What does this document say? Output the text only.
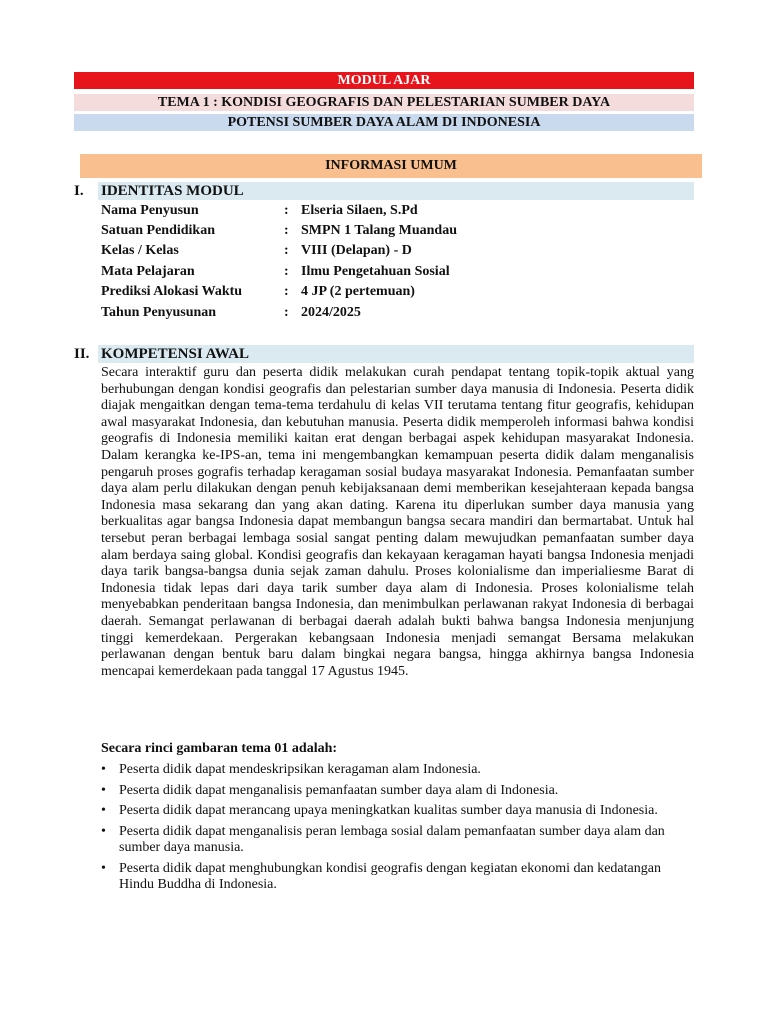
MODUL AJAR
TEMA 1 : KONDISI GEOGRAFIS DAN PELESTARIAN SUMBER DAYA
POTENSI SUMBER DAYA ALAM DI INDONESIA
INFORMASI UMUM
I. IDENTITAS MODUL
Nama Penyusun	: Elseria Silaen, S.Pd
Satuan Pendidikan	: SMPN 1 Talang Muandau
Kelas / Kelas	: VIII (Delapan) - D
Mata Pelajaran	: Ilmu Pengetahuan Sosial
Prediksi Alokasi Waktu	: 4 JP (2 pertemuan)
Tahun Penyusunan	: 2024/2025
II. KOMPETENSI AWAL

Secara interaktif guru dan peserta didik melakukan curah pendapat tentang topik-topik aktual yang berhubungan dengan kondisi geografis dan pelestarian sumber daya manusia di Indonesia. Peserta didik diajak mengaitkan dengan tema-tema terdahulu di kelas VII terutama tentang fitur geografis, kehidupan awal masyarakat Indonesia, dan kebutuhan manusia. Peserta didik memperoleh informasi bahwa kondisi geografis di Indonesia memiliki kaitan erat dengan berbagai aspek kehidupan masyarakat Indonesia. Dalam kerangka ke-IPS-an, tema ini mengembangkan kemampuan peserta didik dalam menganalisis pengaruh proses gografis terhadap keragaman sosial budaya masyarakat Indonesia. Pemanfaatan sumber daya alam perlu dilakukan dengan penuh kebijaksanaan demi memberikan kesejahteraan kepada bangsa Indonesia masa sekarang dan yang akan dating. Karena itu diperlukan sumber daya manusia yang berkualitas agar bangsa Indonesia dapat membangun bangsa secara mandiri dan bermartabat. Untuk hal tersebut peran berbagai lembaga sosial sangat penting dalam mewujudkan pemanfaatan sumber daya alam berdaya saing global. Kondisi geografis dan kekayaan keragaman hayati bangsa Indonesia menjadi daya tarik bangsa-bangsa dunia sejak zaman dahulu. Proses kolonialisme dan imperialiesme Barat di Indonesia tidak lepas dari daya tarik sumber daya alam di Indonesia. Proses kolonialisme telah menyebabkan penderitaan bangsa Indonesia, dan menimbulkan perlawanan rakyat Indonesia di berbagai daerah. Semangat perlawanan di berbagai daerah adalah bukti bahwa bangsa Indonesia menjunjung tinggi kemerdekaan. Pergerakan kebangsaan Indonesia menjadi semangat Bersama melakukan perlawanan dengan bentuk baru dalam bingkai negara bangsa, hingga akhirnya bangsa Indonesia mencapai kemerdekaan pada tanggal 17 Agustus 1945.

Secara rinci gambaran tema 01 adalah:
• Peserta didik dapat mendeskripsikan keragaman alam Indonesia.
• Peserta didik dapat menganalisis pemanfaatan sumber daya alam di Indonesia.
• Peserta didik dapat merancang upaya meningkatkan kualitas sumber daya manusia di Indonesia.
• Peserta didik dapat menganalisis peran lembaga sosial dalam pemanfaatan sumber daya alam dan sumber daya manusia.
• Peserta didik dapat menghubungkan kondisi geografis dengan kegiatan ekonomi dan kedatangan Hindu Buddha di Indonesia.
